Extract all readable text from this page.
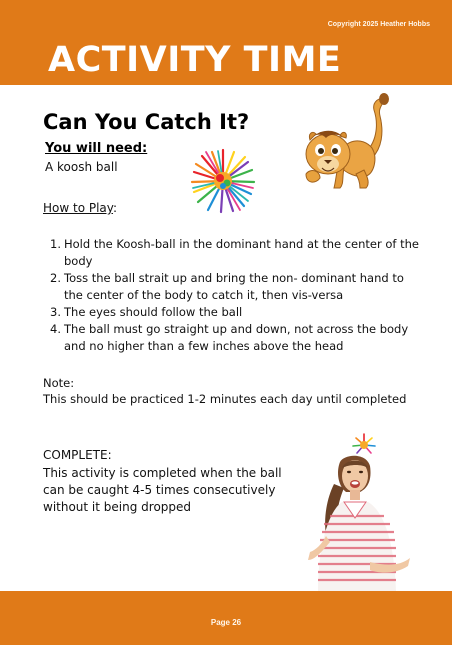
Copyright 2025 Heather Hobbs
ACTIVITY TIME
Can You Catch It?
You will need:
A koosh ball
How to Play:
1. Hold the Koosh-ball in the dominant hand at the center of the body
2. Toss the ball strait up and bring the non- dominant hand to the center of the body to catch it, then vis-versa
3. The eyes should follow the ball
4. The ball must go straight up and down, not across the body and no higher than a few inches above the head
Note:
This should be practiced 1-2 minutes each day until completed
COMPLETE:
This activity is completed when the ball can be caught 4-5 times consecutively without it being dropped
Page 26
